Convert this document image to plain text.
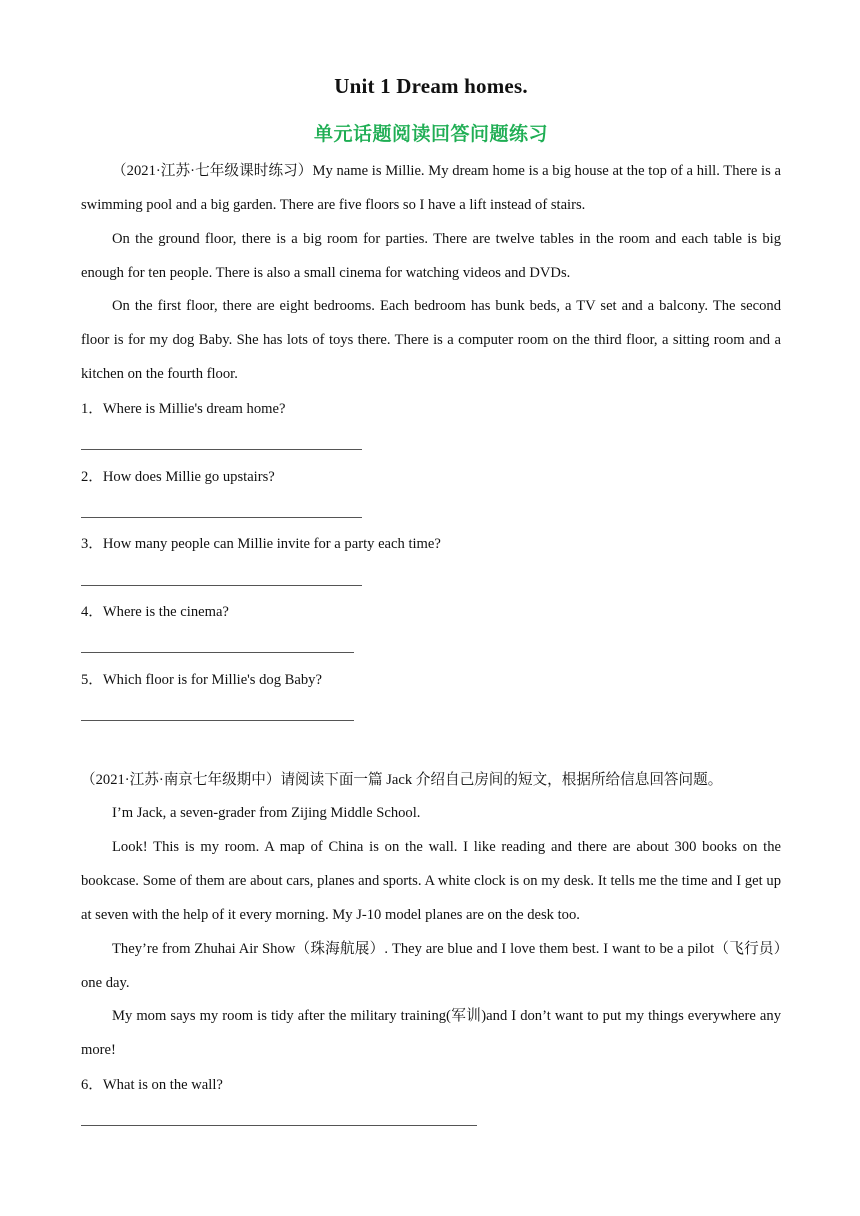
Unit 1 Dream homes.
单元话题阅读回答问题练习

（2021·江苏·七年级课时练习）My name is Millie. My dream home is a big house at the top of a hill. There is a swimming pool and a big garden. There are five floors so I have a lift instead of stairs.

On the ground floor, there is a big room for parties. There are twelve tables in the room and each table is big enough for ten people. There is also a small cinema for watching videos and DVDs.

On the first floor, there are eight bedrooms. Each bedroom has bunk beds, a TV set and a balcony. The second floor is for my dog Baby. She has lots of toys there. There is a computer room on the third floor, a sitting room and a kitchen on the fourth floor.

1．Where is Millie's dream home?
2．How does Millie go upstairs?
3．How many people can Millie invite for a party each time?
4．Where is the cinema?
5．Which floor is for Millie's dog Baby?
（2021·江苏·南京七年级期中）请阅读下面一篇 Jack 介绍自己房间的短文，根据所给信息回答问题。

I’m Jack, a seven-grader from Zijing Middle School.

Look! This is my room. A map of China is on the wall. I like reading and there are about 300 books on the bookcase. Some of them are about cars, planes and sports. A white clock is on my desk. It tells me the time and I get up at seven with the help of it every morning. My J-10 model planes are on the desk too.

They’re from Zhuhai Air Show（珠海航展）. They are blue and I love them best. I want to be a pilot（飞行员）one day.

My mom says my room is tidy after the military training(军训)and I don’t want to put my things everywhere any more!

6．What is on the wall?
